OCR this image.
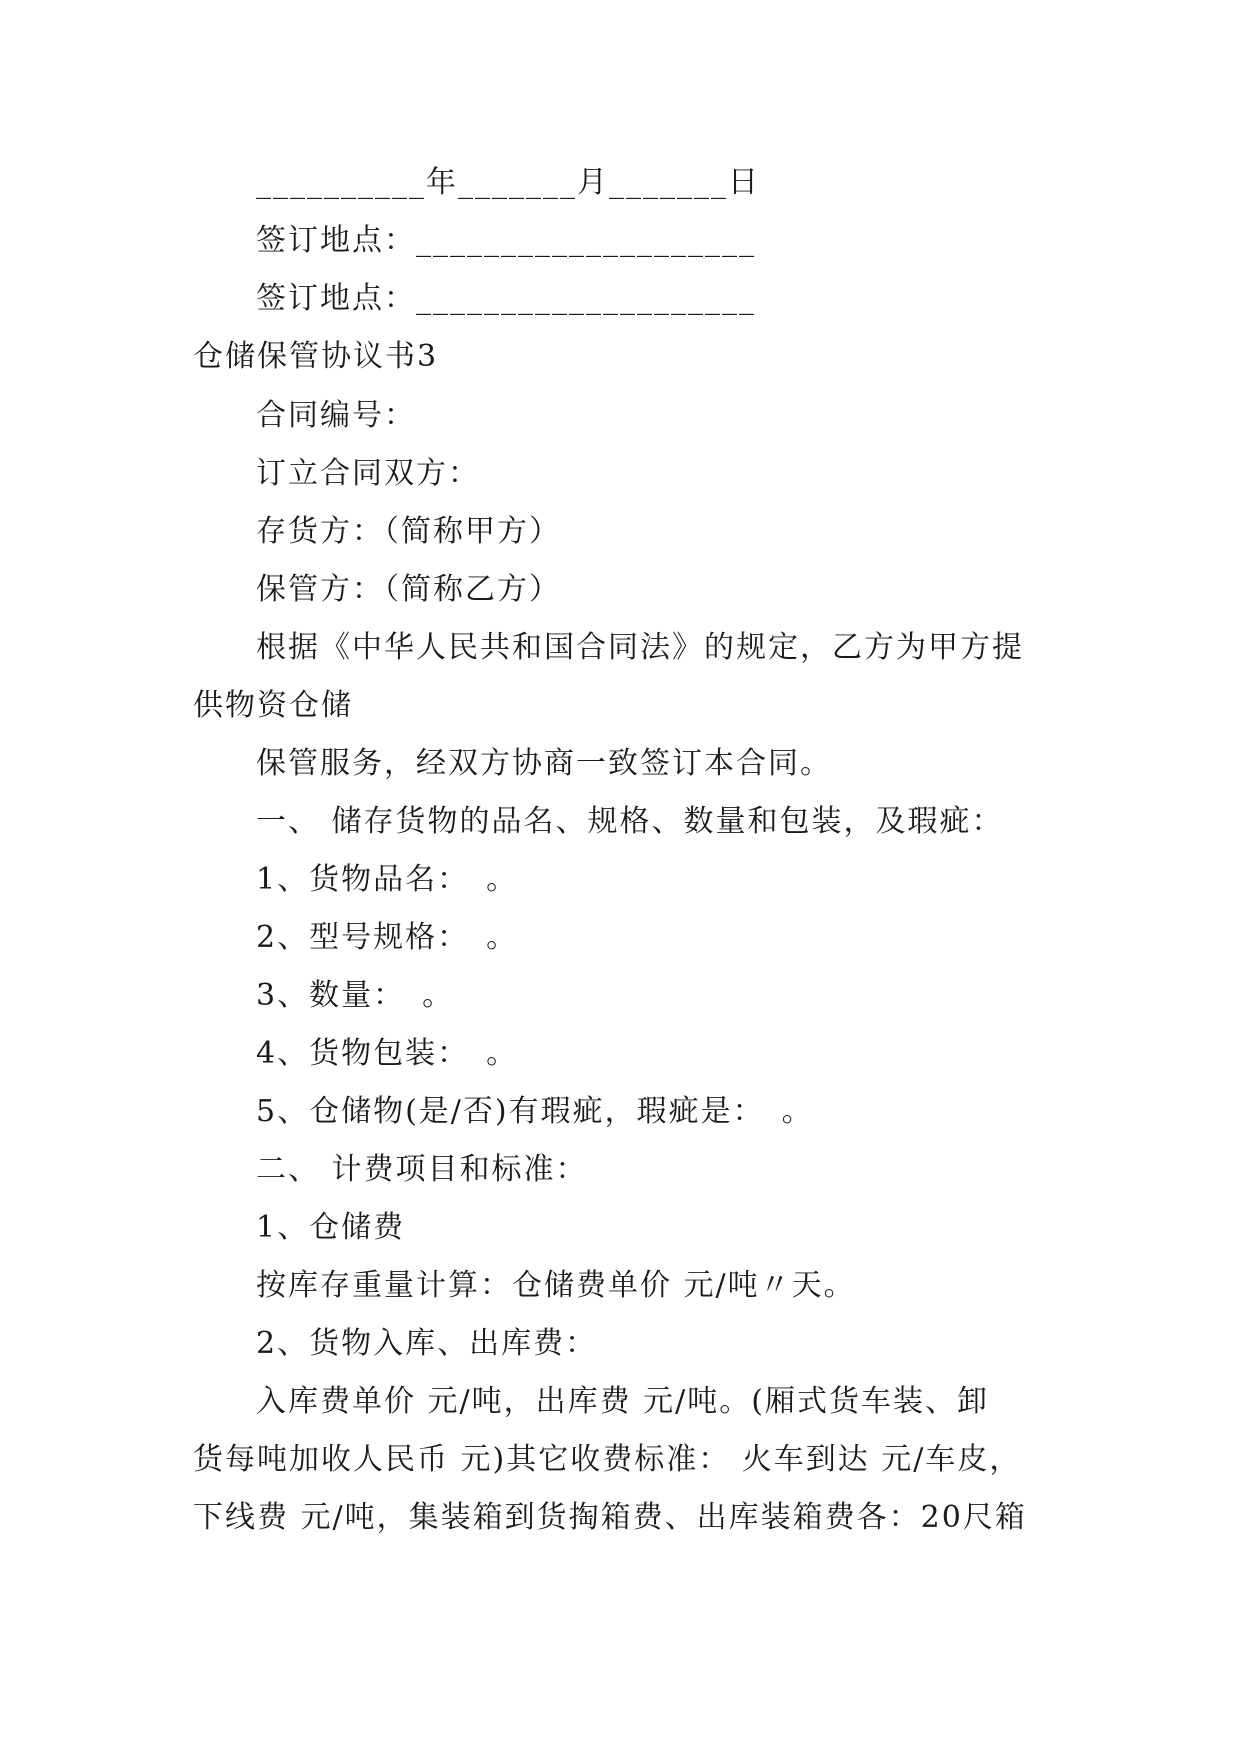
__________年_______月_______日
签订地点：____________________
签订地点：____________________
仓储保管协议书3
合同编号：
订立合同双方：
存货方：（简称甲方）
保管方：（简称乙方）
根据《中华人民共和国合同法》的规定，乙方为甲方提
供物资仓储
保管服务，经双方协商一致签订本合同。
一、 储存货物的品名、规格、数量和包装，及瑕疵：
1、货物品名：　。
2、型号规格：　。
3、数量：　。
4、货物包装：　。
5、仓储物(是/否)有瑕疵，瑕疵是：　。
二、 计费项目和标准：
1、仓储费
按库存重量计算：仓储费单价 元/吨〃天。
2、货物入库、出库费：
入库费单价 元/吨，出库费 元/吨。(厢式货车装、卸
货每吨加收人民币 元)其它收费标准： 火车到达 元/车皮，
下线费 元/吨，集装箱到货掏箱费、出库装箱费各：20尺箱
